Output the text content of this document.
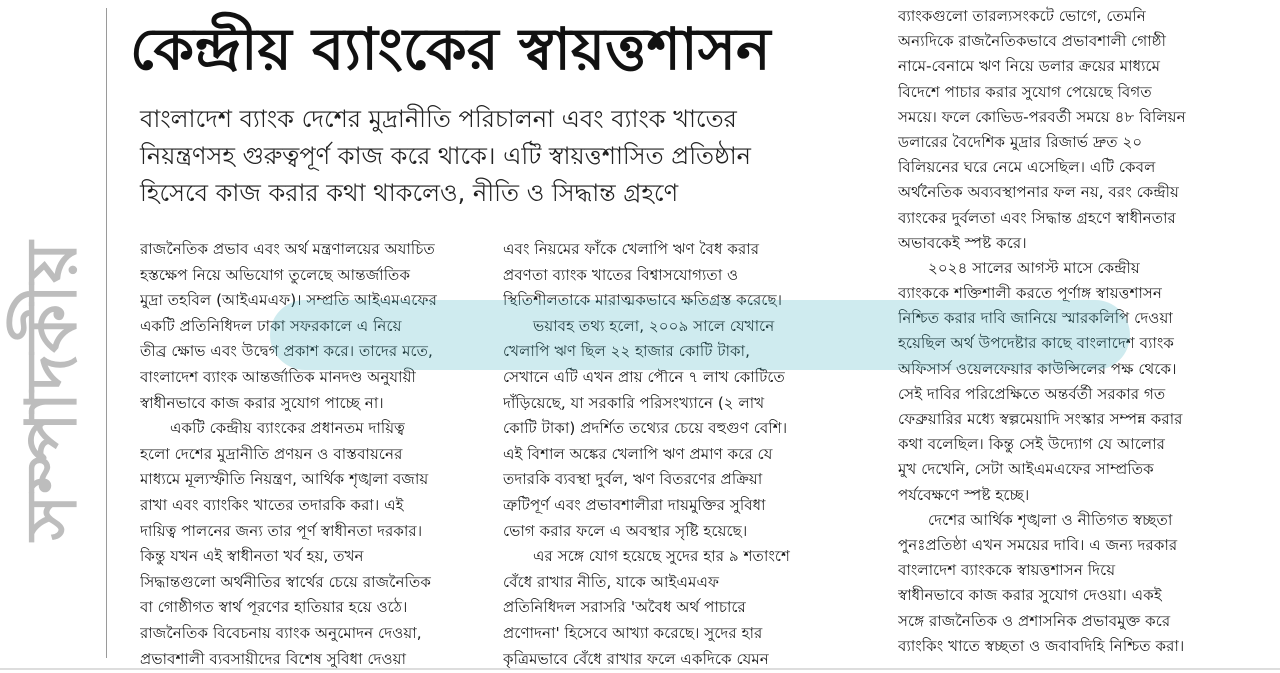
সম্পাদকীয়
কেন্দ্রীয় ব্যাংকের স্বায়ত্তশাসন
বাংলাদেশ ব্যাংক দেশের মুদ্রানীতি পরিচালনা এবং ব্যাংক খাতের
নিয়ন্ত্রণসহ গুরুত্বপূর্ণ কাজ করে থাকে। এটি স্বায়ত্তশাসিত প্রতিষ্ঠান
হিসেবে কাজ করার কথা থাকলেও, নীতি ও সিদ্ধান্ত গ্রহণে
রাজনৈতিক প্রভাব এবং অর্থ মন্ত্রণালয়ের অযাচিত
হস্তক্ষেপ নিয়ে অভিযোগ তুলেছে আন্তর্জাতিক
মুদ্রা তহবিল (আইএমএফ)। সম্প্রতি আইএমএফের
একটি প্রতিনিধিদল ঢাকা সফরকালে এ নিয়ে
তীব্র ক্ষোভ এবং উদ্বেগ প্রকাশ করে। তাদের মতে,
বাংলাদেশ ব্যাংক আন্তর্জাতিক মানদণ্ড অনুযায়ী
স্বাধীনভাবে কাজ করার সুযোগ পাচ্ছে না।
একটি কেন্দ্রীয় ব্যাংকের প্রধানতম দায়িত্ব
হলো দেশের মুদ্রানীতি প্রণয়ন ও বাস্তবায়নের
মাধ্যমে মূল্যস্ফীতি নিয়ন্ত্রণ, আর্থিক শৃঙ্খলা বজায়
রাখা এবং ব্যাংকিং খাতের তদারকি করা। এই
দায়িত্ব পালনের জন্য তার পূর্ণ স্বাধীনতা দরকার।
কিন্তু যখন এই স্বাধীনতা খর্ব হয়, তখন
সিদ্ধান্তগুলো অর্থনীতির স্বার্থের চেয়ে রাজনৈতিক
বা গোষ্ঠীগত স্বার্থ পূরণের হাতিয়ার হয়ে ওঠে।
রাজনৈতিক বিবেচনায় ব্যাংক অনুমোদন দেওয়া,
প্রভাবশালী ব্যবসায়ীদের বিশেষ সুবিধা দেওয়া
এবং নিয়মের ফাঁকে খেলাপি ঋণ বৈধ করার
প্রবণতা ব্যাংক খাতের বিশ্বাসযোগ্যতা ও
স্থিতিশীলতাকে মারাত্মকভাবে ক্ষতিগ্রস্ত করেছে।
ভয়াবহ তথ্য হলো, ২০০৯ সালে যেখানে
খেলাপি ঋণ ছিল ২২ হাজার কোটি টাকা,
সেখানে এটি এখন প্রায় পৌনে ৭ লাখ কোটিতে
দাঁড়িয়েছে, যা সরকারি পরিসংখ্যানে (২ লাখ
কোটি টাকা) প্রদর্শিত তথ্যের চেয়ে বহুগুণ বেশি।
এই বিশাল অঙ্কের খেলাপি ঋণ প্রমাণ করে যে
তদারকি ব্যবস্থা দুর্বল, ঋণ বিতরণের প্রক্রিয়া
ত্রুটিপূর্ণ এবং প্রভাবশালীরা দায়মুক্তির সুবিধা
ভোগ করার ফলে এ অবস্থার সৃষ্টি হয়েছে।
এর সঙ্গে যোগ হয়েছে সুদের হার ৯ শতাংশে
বেঁধে রাখার নীতি, যাকে আইএমএফ
প্রতিনিধিদল সরাসরি 'অবৈধ অর্থ পাচারে
প্রণোদনা' হিসেবে আখ্যা করেছে। সুদের হার
কৃত্রিমভাবে বেঁধে রাখার ফলে একদিকে যেমন
ব্যাংকগুলো তারল্যসংকটে ভোগে, তেমনি
অন্যদিকে রাজনৈতিকভাবে প্রভাবশালী গোষ্ঠী
নামে-বেনামে ঋণ নিয়ে ডলার ক্রয়ের মাধ্যমে
বিদেশে পাচার করার সুযোগ পেয়েছে বিগত
সময়ে। ফলে কোভিড-পরবর্তী সময়ে ৪৮ বিলিয়ন
ডলারের বৈদেশিক মুদ্রার রিজার্ভ দ্রুত ২০
বিলিয়নের ঘরে নেমে এসেছিল। এটি কেবল
অর্থনৈতিক অব্যবস্থাপনার ফল নয়, বরং কেন্দ্রীয়
ব্যাংকের দুর্বলতা এবং সিদ্ধান্ত গ্রহণে স্বাধীনতার
অভাবকেই স্পষ্ট করে।
২০২৪ সালের আগস্ট মাসে কেন্দ্রীয়
ব্যাংককে শক্তিশালী করতে পূর্ণাঙ্গ স্বায়ত্তশাসন
নিশ্চিত করার দাবি জানিয়ে স্মারকলিপি দেওয়া
হয়েছিল অর্থ উপদেষ্টার কাছে বাংলাদেশ ব্যাংক
অফিসার্স ওয়েলফেয়ার কাউন্সিলের পক্ষ থেকে।
সেই দাবির পরিপ্রেক্ষিতে অন্তর্বর্তী সরকার গত
ফেব্রুয়ারির মধ্যে স্বল্পমেয়াদি সংস্কার সম্পন্ন করার
কথা বলেছিল। কিন্তু সেই উদ্যোগ যে আলোর
মুখ দেখেনি, সেটা আইএমএফের সাম্প্রতিক
পর্যবেক্ষণে স্পষ্ট হচ্ছে।
দেশের আর্থিক শৃঙ্খলা ও নীতিগত স্বচ্ছতা
পুনঃপ্রতিষ্ঠা এখন সময়ের দাবি। এ জন্য দরকার
বাংলাদেশ ব্যাংককে স্বায়ত্তশাসন দিয়ে
স্বাধীনভাবে কাজ করার সুযোগ দেওয়া। একই
সঙ্গে রাজনৈতিক ও প্রশাসনিক প্রভাবমুক্ত করে
ব্যাংকিং খাতে স্বচ্ছতা ও জবাবদিহি নিশ্চিত করা।
